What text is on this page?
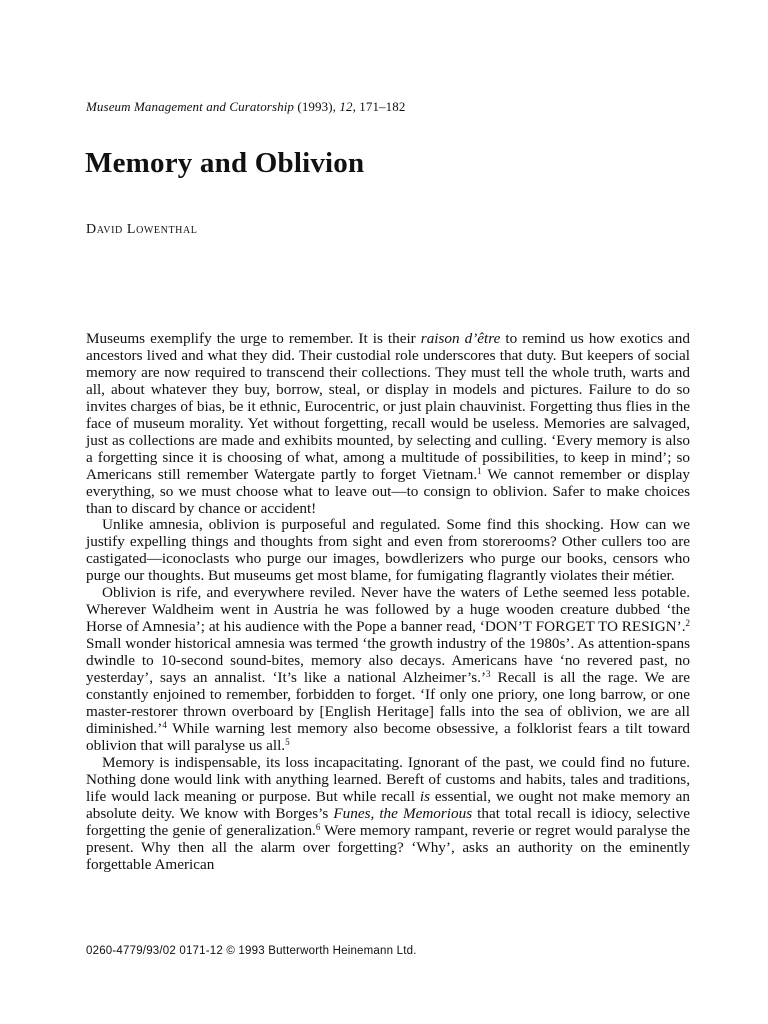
Museum Management and Curatorship (1993), 12, 171–182
Memory and Oblivion
David Lowenthal

Museums exemplify the urge to remember. It is their raison d’être to remind us how exotics and ancestors lived and what they did. Their custodial role underscores that duty. But keepers of social memory are now required to transcend their collections. They must tell the whole truth, warts and all, about whatever they buy, borrow, steal, or display in models and pictures. Failure to do so invites charges of bias, be it ethnic, Eurocentric, or just plain chauvinist. Forgetting thus flies in the face of museum morality. Yet without forgetting, recall would be useless. Memories are salvaged, just as collections are made and exhibits mounted, by selecting and culling. ‘Every memory is also a forgetting since it is choosing of what, among a multitude of possibilities, to keep in mind’; so Americans still remember Watergate partly to forget Vietnam.$^1$ We cannot remember or display everything, so we must choose what to leave out—to consign to oblivion. Safer to make choices than to discard by chance or accident!

Unlike amnesia, oblivion is purposeful and regulated. Some find this shocking. How can we justify expelling things and thoughts from sight and even from storerooms? Other cullers too are castigated—iconoclasts who purge our images, bowdlerizers who purge our books, censors who purge our thoughts. But museums get most blame, for fumigating flagrantly violates their métier.

Oblivion is rife, and everywhere reviled. Never have the waters of Lethe seemed less potable. Wherever Waldheim went in Austria he was followed by a huge wooden creature dubbed ‘the Horse of Amnesia’; at his audience with the Pope a banner read, ‘DON’T FORGET TO RESIGN’.$^2$ Small wonder historical amnesia was termed ‘the growth industry of the 1980s’. As attention-spans dwindle to 10-second sound-bites, memory also decays. Americans have ‘no revered past, no yesterday’, says an annalist. ‘It’s like a national Alzheimer’s.’$^3$ Recall is all the rage. We are constantly enjoined to remember, forbidden to forget. ‘If only one priory, one long barrow, or one master-restorer thrown overboard by [English Heritage] falls into the sea of oblivion, we are all diminished.’$^4$ While warning lest memory also become obsessive, a folklorist fears a tilt toward oblivion that will paralyse us all.$^5$

Memory is indispensable, its loss incapacitating. Ignorant of the past, we could find no future. Nothing done would link with anything learned. Bereft of customs and habits, tales and traditions, life would lack meaning or purpose. But while recall is essential, we ought not make memory an absolute deity. We know with Borges’s Funes, the Memorious that total recall is idiocy, selective forgetting the genie of generalization.$^6$ Were memory rampant, reverie or regret would paralyse the present. Why then all the alarm over forgetting? ‘Why’, asks an authority on the eminently forgettable American

0260-4779/93/02 0171-12 © 1993 Butterworth Heinemann Ltd.
